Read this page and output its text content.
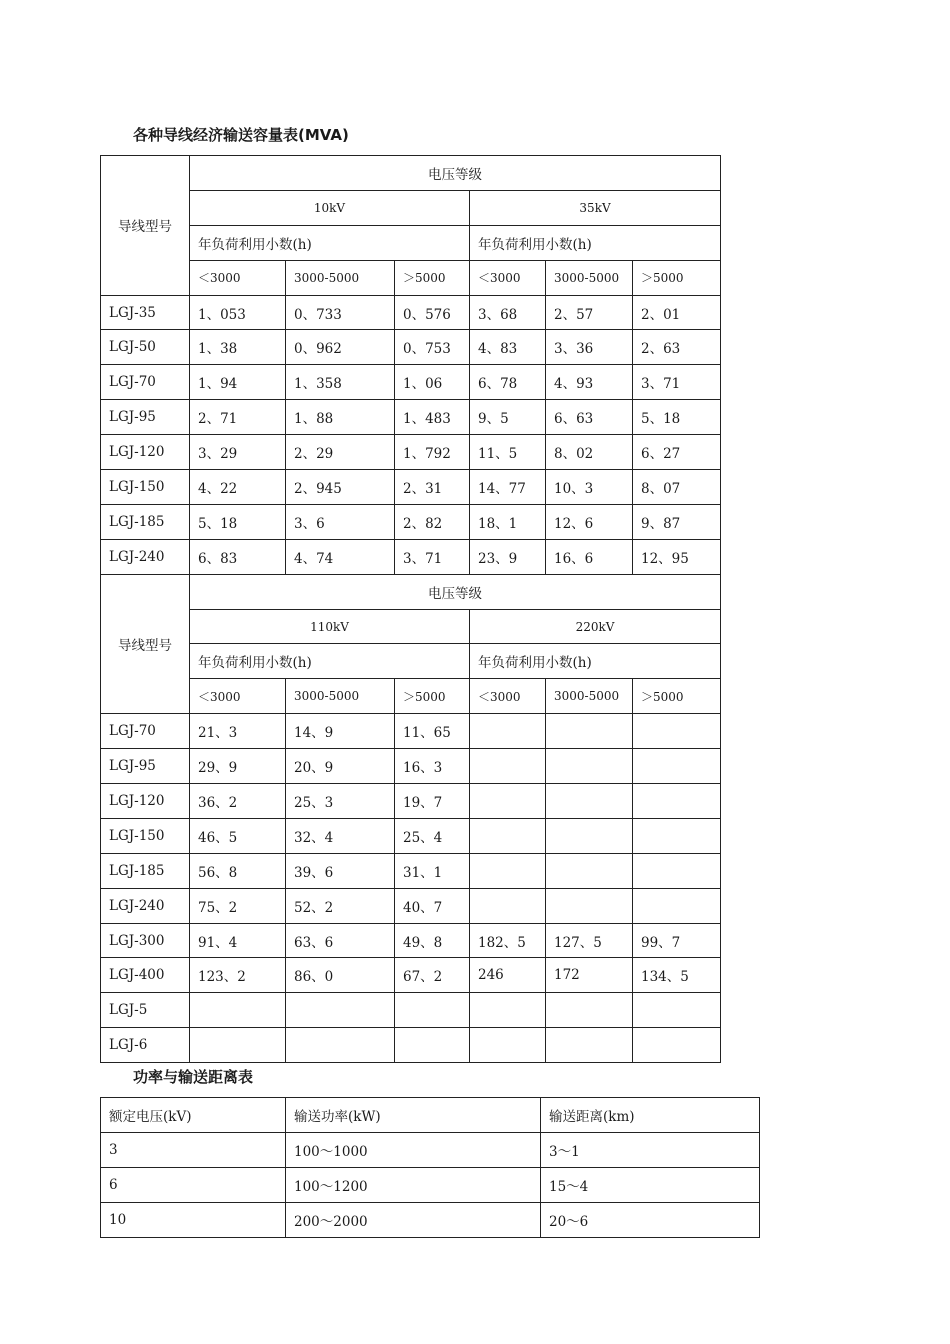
各种导线经济输送容量表(MVA)
导线型号	电压等级					
	10kV			35kV		
	年负荷利用小数(h)			年负荷利用小数(h)		
	＜3000	3000-5000	＞5000	＜3000	3000-5000	＞5000
LGJ-35	1、053	0、733	0、576	3、68	2、57	2、01
LGJ-50	1、38	0、962	0、753	4、83	3、36	2、63
LGJ-70	1、94	1、358	1、06	6、78	4、93	3、71
LGJ-95	2、71	1、88	1、483	9、5	6、63	5、18
LGJ-120	3、29	2、29	1、792	11、5	8、02	6、27
LGJ-150	4、22	2、945	2、31	14、77	10、3	8、07
LGJ-185	5、18	3、6	2、82	18、1	12、6	9、87
LGJ-240	6、83	4、74	3、71	23、9	16、6	12、95
导线型号	电压等级					
	110kV			220kV		
	年负荷利用小数(h)			年负荷利用小数(h)		
	＜3000	3000-5000	＞5000	＜3000	3000-5000	＞5000
LGJ-70	21、3	14、9	11、65			
LGJ-95	29、9	20、9	16、3			
LGJ-120	36、2	25、3	19、7			
LGJ-150	46、5	32、4	25、4			
LGJ-185	56、8	39、6	31、1			
LGJ-240	75、2	52、2	40、7			
LGJ-300	91、4	63、6	49、8	182、5	127、5	99、7
LGJ-400	123、2	86、0	67、2	246	172	134、5
LGJ-5						
LGJ-6						
功率与输送距离表
额定电压(kV)	输送功率(kW)	输送距离(km)
3	100～1000	3～1
6	100～1200	15～4
10	200～2000	20～6
